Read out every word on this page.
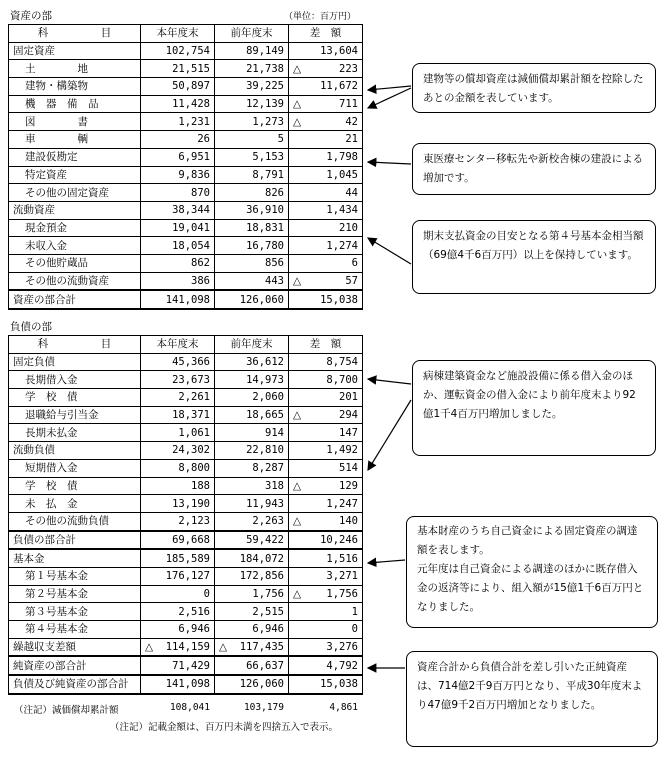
資産の部	（単位：百万円）
科　　　　　目	本年度末	前年度末	差　額
固定資産	102,754	89,149	13,604
土　　　　地	21,515	21,738	△ 223
建物・構築物	50,897	39,225	11,672
機　器　備　品	11,428	12,139	△ 711
図　　　　書	1,231	1,273	△ 42
車　　　　輌	26	5	21
建設仮勘定	6,951	5,153	1,798
特定資産	9,836	8,791	1,045
その他の固定資産	870	826	44
流動資産	38,344	36,910	1,434
現金預金	19,041	18,831	210
未収入金	18,054	16,780	1,274
その他貯蔵品	862	856	6
その他の流動資産	386	443	△ 57
資産の部合計	141,098	126,060	15,038
負債の部
科　　　　　目	本年度末	前年度末	差　額
固定負債	45,366	36,612	8,754
長期借入金	23,673	14,973	8,700
学　校　債	2,261	2,060	201
退職給与引当金	18,371	18,665	△ 294
長期未払金	1,061	914	147
流動負債	24,302	22,810	1,492
短期借入金	8,800	8,287	514
学　校　債	188	318	△ 129
未　払　金	13,190	11,943	1,247
その他の流動負債	2,123	2,263	△ 140
負債の部合計	69,668	59,422	10,246
基本金	185,589	184,072	1,516
第１号基本金	176,127	172,856	3,271
第２号基本金	0	1,756	△ 1,756
第３号基本金	2,516	2,515	1
第４号基本金	6,946	6,946	0
繰越収支差額	△ 114,159	△ 117,435	3,276
純資産の部合計	71,429	66,637	4,792
負債及び純資産の部合計	141,098	126,060	15,038
（注記）減価償却累計額	108,041	103,179	4,861
（注記）記載金額は、百万円未満を四捨五入で表示。
建物等の償却資産は減価償却累計額を控除したあとの金額を表しています。
東医療センター移転先や新校舎棟の建設による増加です。
期末支払資金の目安となる第４号基本金相当額（69億4千6百万円）以上を保持しています。
病棟建築資金など施設設備に係る借入金のほか、運転資金の借入金により前年度末より92億1千4百万円増加しました。
基本財産のうち自己資金による固定資産の調達額を表します。
元年度は自己資金による調達のほかに既存借入金の返済等により、組入額が15億1千6百万円となりました。
資産合計から負債合計を差し引いた正純資産は、714億2千9百万円となり、平成30年度末より47億9千2百万円増加となりました。
